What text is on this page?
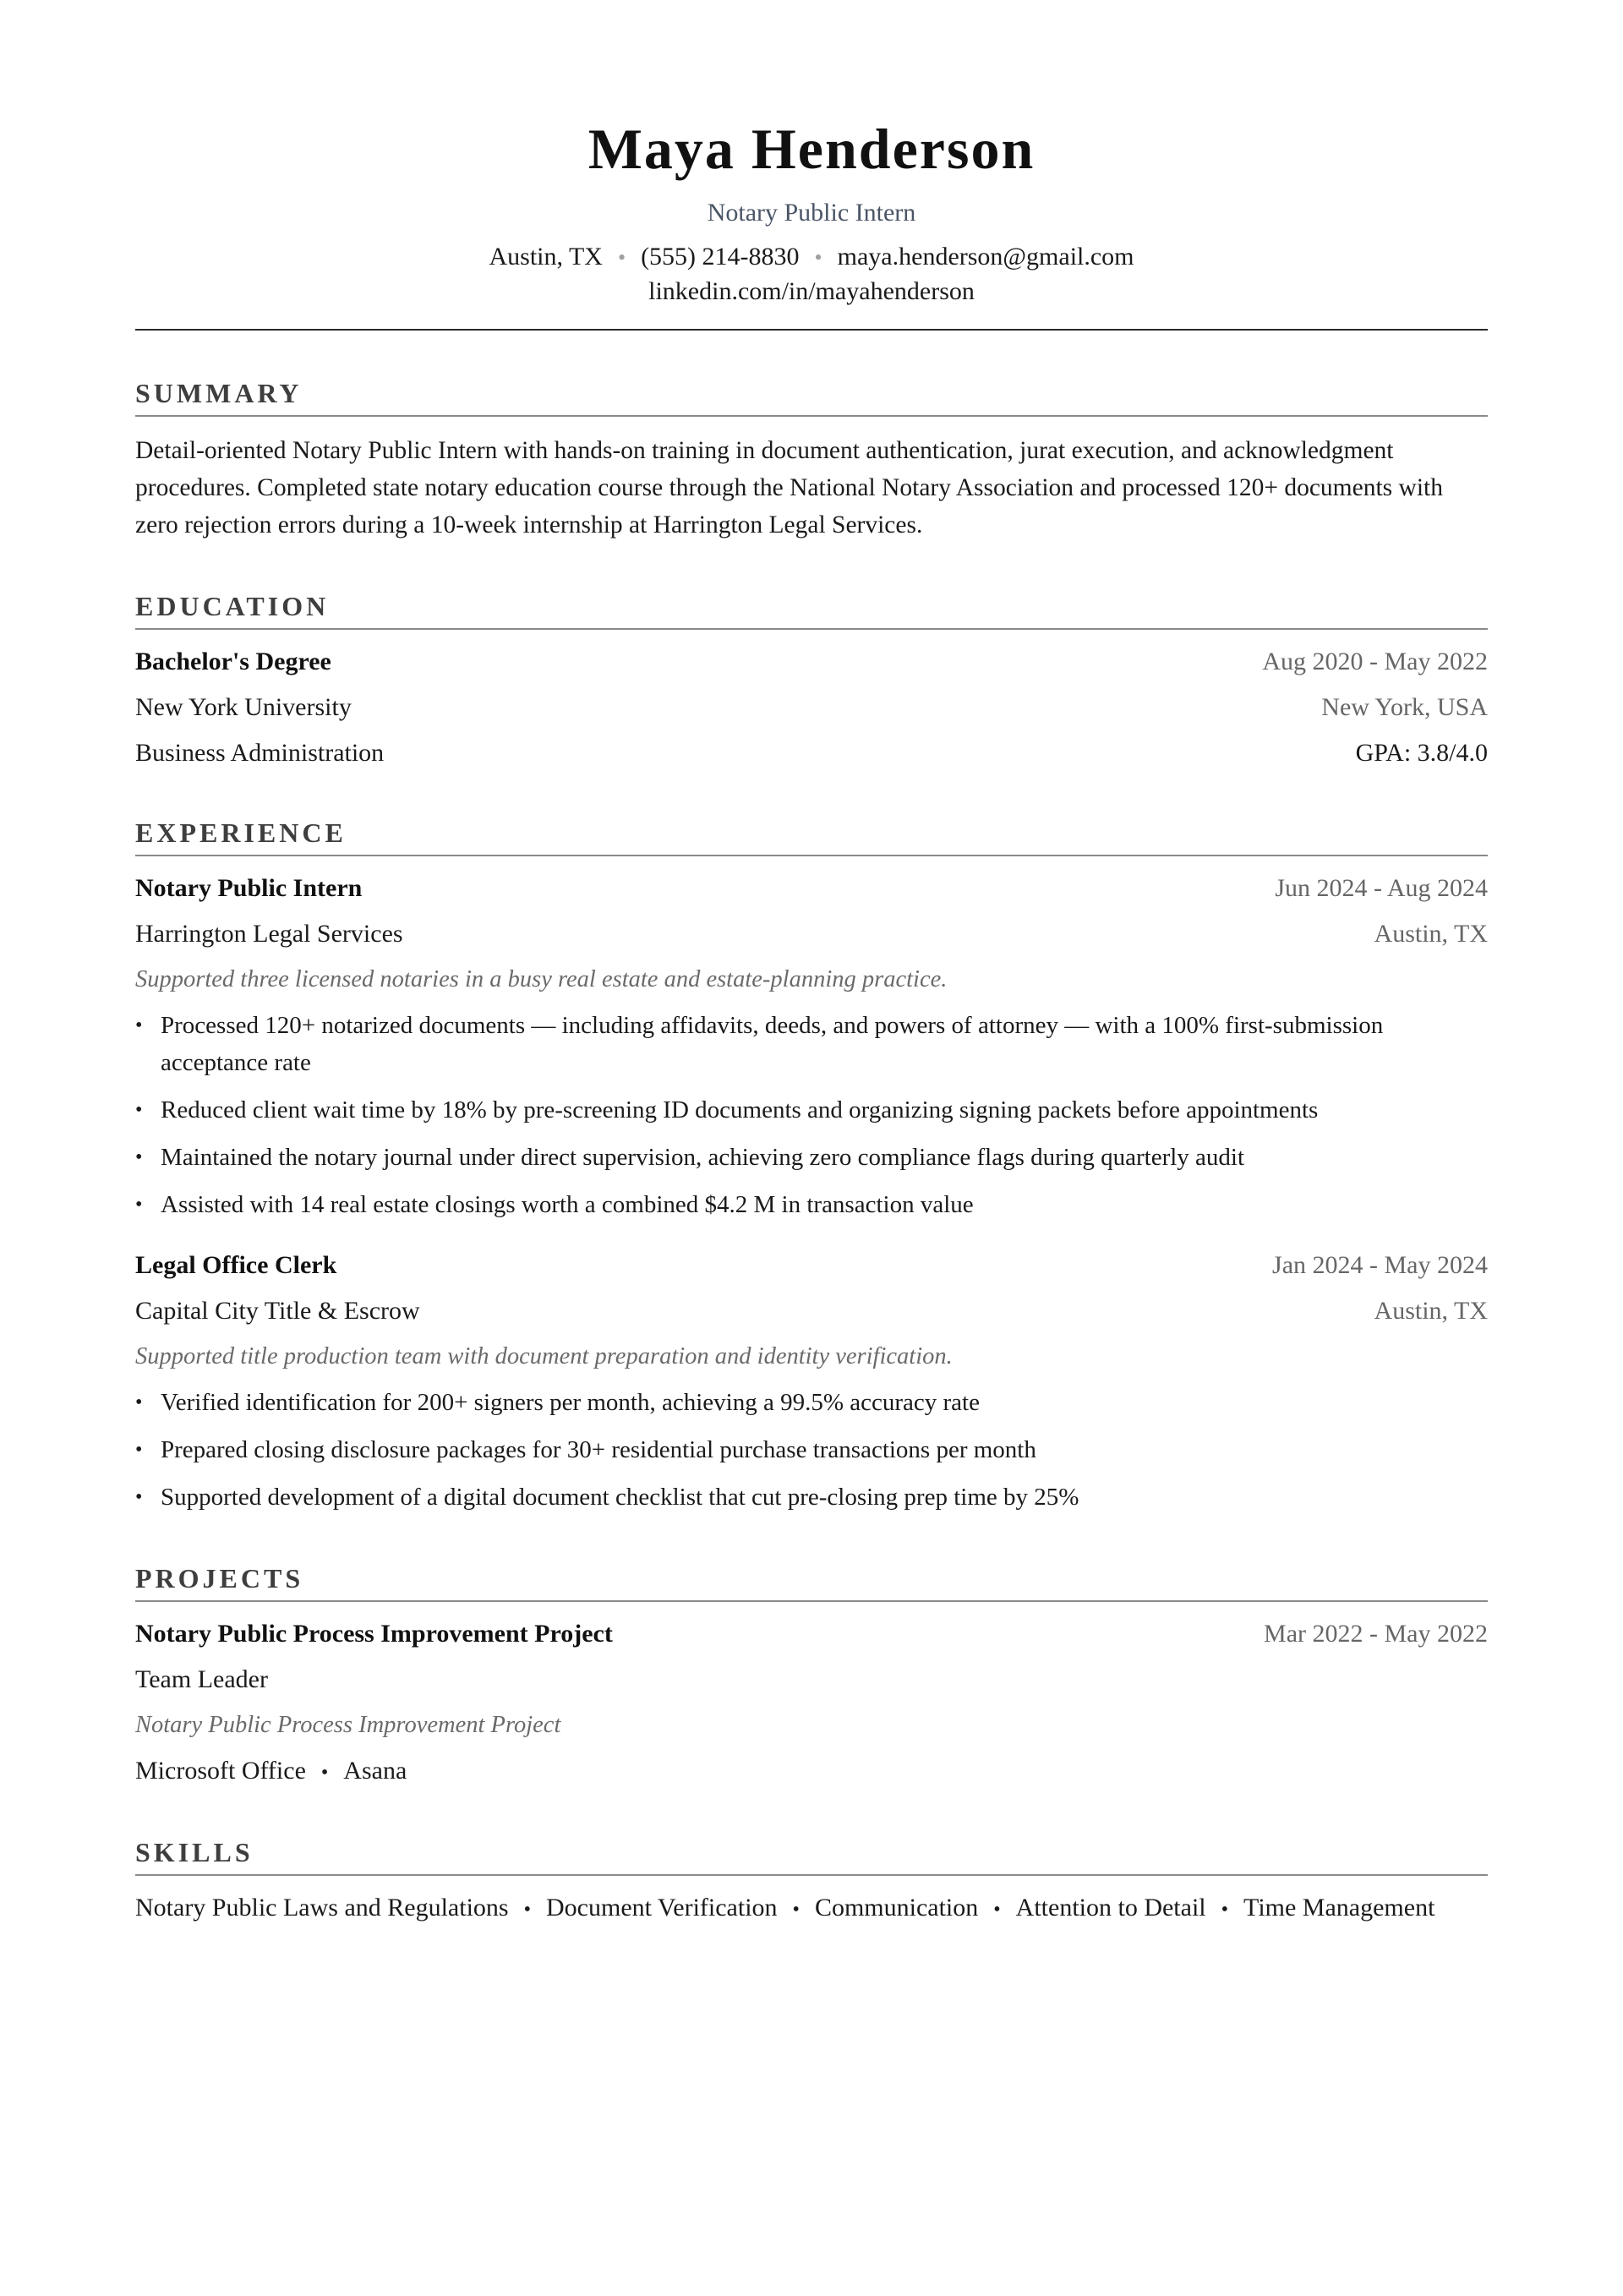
Maya Henderson
Notary Public Intern
Austin, TX • (555) 214-8830 • maya.henderson@gmail.com
linkedin.com/in/mayahenderson
SUMMARY
Detail-oriented Notary Public Intern with hands-on training in document authentication, jurat execution, and acknowledgment procedures. Completed state notary education course through the National Notary Association and processed 120+ documents with zero rejection errors during a 10-week internship at Harrington Legal Services.
EDUCATION
Bachelor's Degree	Aug 2020 - May 2022
New York University	New York, USA
Business Administration	GPA: 3.8/4.0
EXPERIENCE
Notary Public Intern	Jun 2024 - Aug 2024
Harrington Legal Services	Austin, TX
Supported three licensed notaries in a busy real estate and estate-planning practice.
• Processed 120+ notarized documents — including affidavits, deeds, and powers of attorney — with a 100% first-submission acceptance rate
• Reduced client wait time by 18% by pre-screening ID documents and organizing signing packets before appointments
• Maintained the notary journal under direct supervision, achieving zero compliance flags during quarterly audit
• Assisted with 14 real estate closings worth a combined $4.2 M in transaction value
Legal Office Clerk	Jan 2024 - May 2024
Capital City Title & Escrow	Austin, TX
Supported title production team with document preparation and identity verification.
• Verified identification for 200+ signers per month, achieving a 99.5% accuracy rate
• Prepared closing disclosure packages for 30+ residential purchase transactions per month
• Supported development of a digital document checklist that cut pre-closing prep time by 25%
PROJECTS
Notary Public Process Improvement Project	Mar 2022 - May 2022
Team Leader
Notary Public Process Improvement Project
Microsoft Office • Asana
SKILLS
Notary Public Laws and Regulations • Document Verification • Communication • Attention to Detail • Time Management
